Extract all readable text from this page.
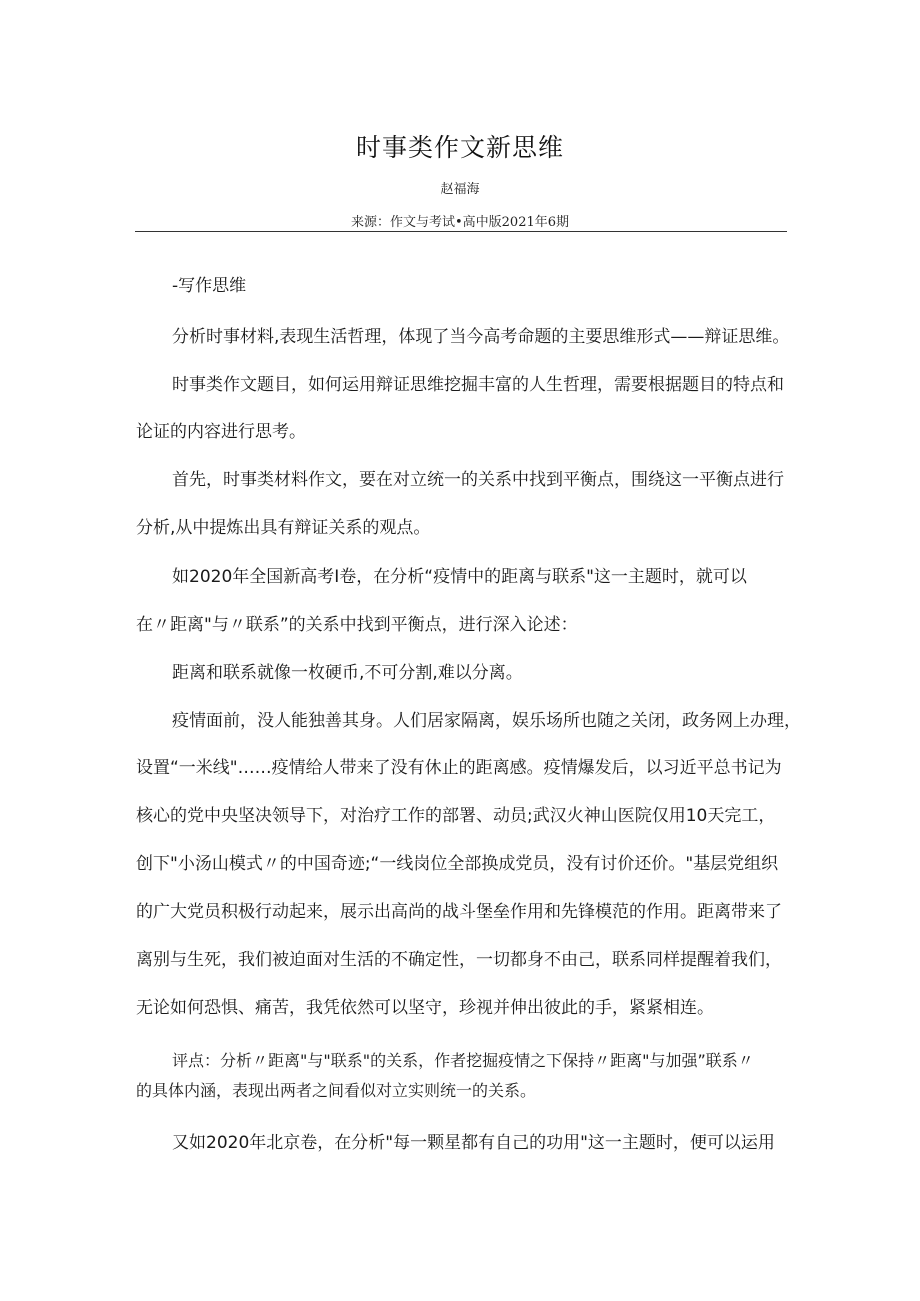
时事类作文新思维
赵福海
来源：作文与考试•高中版2021年6期
-写作思维
分析时事材料,表现生活哲理，体现了当今高考命题的主要思维形式——辩证思维。
时事类作文题目，如何运用辩证思维挖掘丰富的人生哲理，需要根据题目的特点和
论证的内容进行思考。
首先，时事类材料作文，要在对立统一的关系中找到平衡点，围绕这一平衡点进行
分析,从中提炼出具有辩证关系的观点。
如2020年全国新高考Ⅰ卷，在分析“疫情中的距离与联系"这一主题时，就可以
在〃距离"与〃联系”的关系中找到平衡点，进行深入论述：
距离和联系就像一枚硬币,不可分割,难以分离。
疫情面前，没人能独善其身。人们居家隔离，娱乐场所也随之关闭，政务网上办理，
设置“一米线"……疫情给人带来了没有休止的距离感。疫情爆发后，以习近平总书记为
核心的党中央坚决领导下，对治疗工作的部署、动员;武汉火神山医院仅用10天完工，
创下"小汤山模式〃的中国奇迹;“一线岗位全部换成党员，没有讨价还价。"基层党组织
的广大党员积极行动起来，展示出高尚的战斗堡垒作用和先锋模范的作用。距离带来了
离别与生死，我们被迫面对生活的不确定性，一切都身不由己，联系同样提醒着我们，
无论如何恐惧、痛苦，我凭依然可以坚守，珍视并伸出彼此的手，紧紧相连。
评点：分析〃距离"与"联系"的关系，作者挖掘疫情之下保持〃距离"与加强”联系〃
的具体内涵，表现出两者之间看似对立实则统一的关系。
又如2020年北京卷，在分析"每一颗星都有自己的功用"这一主题时，便可以运用
